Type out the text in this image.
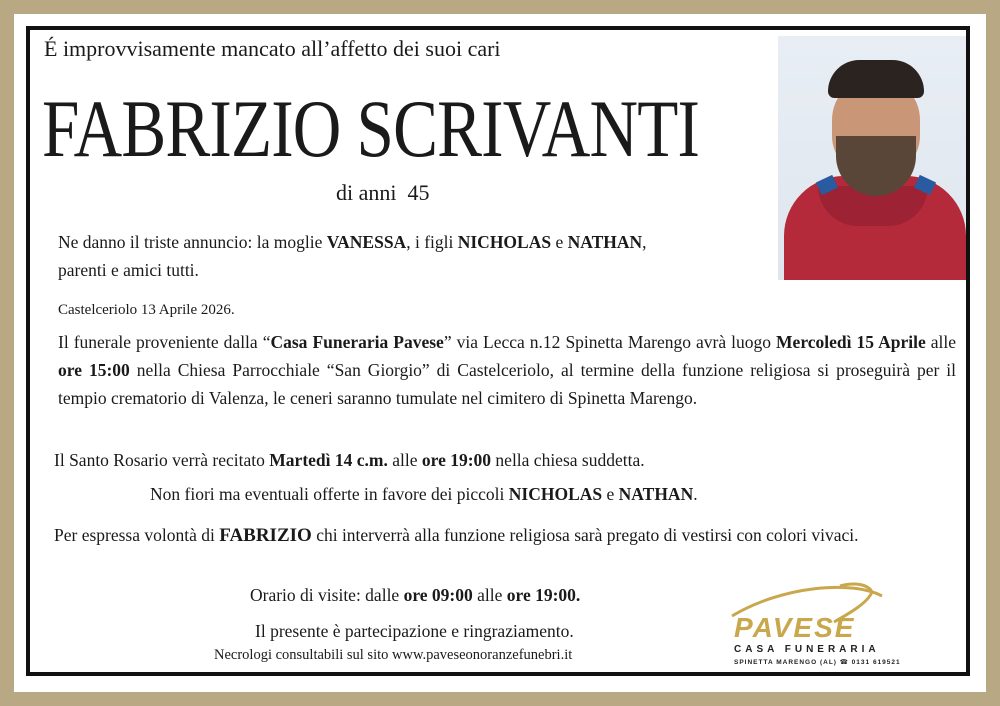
É improvvisamente mancato all’affetto dei suoi cari
FABRIZIO SCRIVANTI
di anni  45
Ne danno il triste annuncio: la moglie VANESSA, i figli NICHOLAS e NATHAN,
parenti e amici tutti.
Castelceriolo 13 Aprile 2026.
Il funerale proveniente dalla “Casa Funeraria Pavese” via Lecca n.12 Spinetta Marengo avrà luogo Mercoledì 15 Aprile alle ore 15:00 nella Chiesa Parrocchiale “San Giorgio” di Castelceriolo, al termine della funzione religiosa si proseguirà per il tempio crematorio di Valenza, le ceneri saranno tumulate nel cimitero di Spinetta Marengo.
Il Santo Rosario verrà recitato Martedì 14 c.m. alle ore 19:00 nella chiesa suddetta.
Non fiori ma eventuali offerte in favore dei piccoli NICHOLAS e NATHAN.
Per espressa volontà di FABRIZIO chi interverrà alla funzione religiosa sarà pregato di vestirsi con colori vivaci.
Orario di visite: dalle ore 09:00 alle ore 19:00.
Il presente è partecipazione e ringraziamento.
Necrologi consultabili sul sito www.paveseonoranzefunebri.it
PAVESE
CASA FUNERARIA
SPINETTA MARENGO (AL) ☎ 0131 619521
